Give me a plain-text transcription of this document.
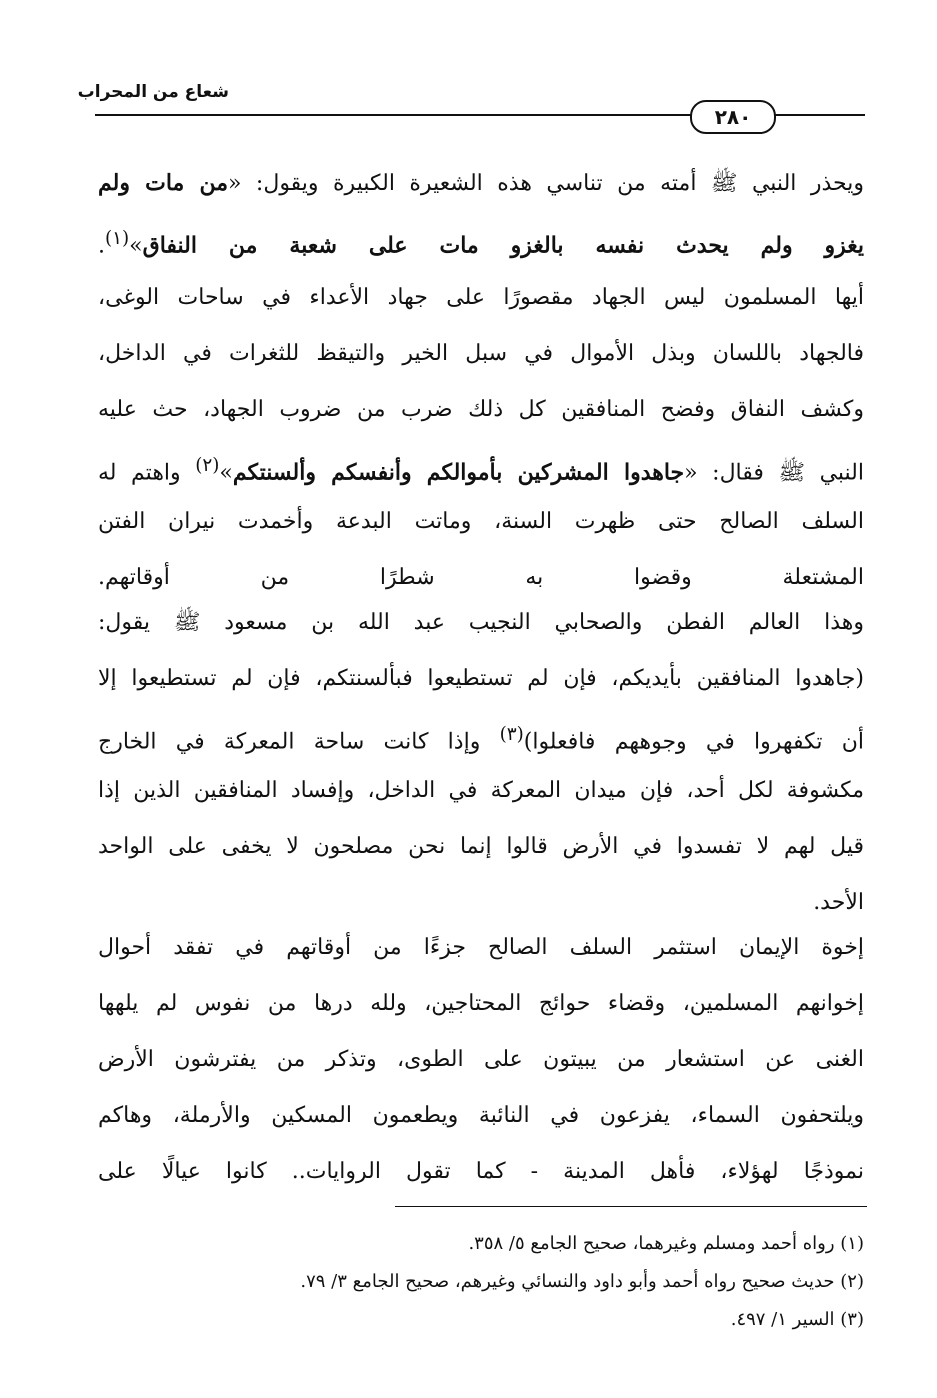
شعاع من المحراب
٢٨٠
ويحذر النبي ﷺ أمته من تناسي هذه الشعيرة الكبيرة ويقول: «من مات ولم
يغزو ولم يحدث نفسه بالغزو مات على شعبة من النفاق»$^{(١)}$.
أيها المسلمون ليس الجهاد مقصورًا على جهاد الأعداء في ساحات الوغى،
فالجهاد باللسان وبذل الأموال في سبل الخير والتيقظ للثغرات في الداخل،
وكشف النفاق وفضح المنافقين كل ذلك ضرب من ضروب الجهاد، حث عليه
النبي ﷺ فقال: «جاهدوا المشركين بأموالكم وأنفسكم وألسنتكم»$^{(٢)}$ واهتم له
السلف الصالح حتى ظهرت السنة، وماتت البدعة وأخمدت نيران الفتن
المشتعلة وقضوا به شطرًا من أوقاتهم.
وهذا العالم الفطن والصحابي النجيب عبد الله بن مسعود ﷺ يقول:
(جاهدوا المنافقين بأيديكم، فإن لم تستطيعوا فبألسنتكم، فإن لم تستطيعوا إلا
أن تكفهروا في وجوههم فافعلوا)$^{(٣)}$ وإذا كانت ساحة المعركة في الخارج
مكشوفة لكل أحد، فإن ميدان المعركة في الداخل، وإفساد المنافقين الذين إذا
قيل لهم لا تفسدوا في الأرض قالوا إنما نحن مصلحون لا يخفى على الواحد
الأحد.
إخوة الإيمان استثمر السلف الصالح جزءًا من أوقاتهم في تفقد أحوال
إخوانهم المسلمين، وقضاء حوائج المحتاجين، ولله درها من نفوس لم يلهها
الغنى عن استشعار من يبيتون على الطوى، وتذكر من يفترشون الأرض
ويلتحفون السماء، يفزعون في النائبة ويطعمون المسكين والأرملة، وهاكم
نموذجًا لهؤلاء، فأهل المدينة - كما تقول الروايات.. كانوا عيالًا على
(١) رواه أحمد ومسلم وغيرهما، صحيح الجامع ٥/ ٣٥٨.
(٢) حديث صحيح رواه أحمد وأبو داود والنسائي وغيرهم، صحيح الجامع ٣/ ٧٩.
(٣) السير ١/ ٤٩٧.
